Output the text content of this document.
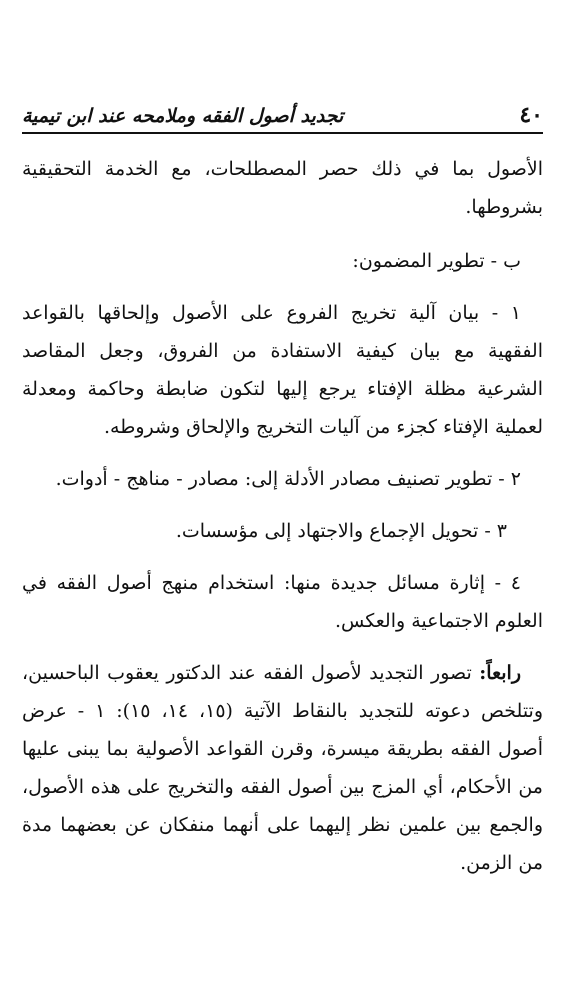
٤٠
تجديد أصول الفقه وملامحه عند ابن تيمية

الأصول بما في ذلك حصر المصطلحات، مع الخدمة التحقيقية بشروطها.

ب - تطوير المضمون:

١ - بيان آلية تخريج الفروع على الأصول وإلحاقها بالقواعد الفقهية مع بيان كيفية الاستفادة من الفروق، وجعل المقاصد الشرعية مظلة الإفتاء يرجع إليها لتكون ضابطة وحاكمة ومعدلة لعملية الإفتاء كجزء من آليات التخريج والإلحاق وشروطه.

٢ - تطوير تصنيف مصادر الأدلة إلى: مصادر - مناهج - أدوات.

٣ - تحويل الإجماع والاجتهاد إلى مؤسسات.

٤ - إثارة مسائل جديدة منها: استخدام منهج أصول الفقه في العلوم الاجتماعية والعكس.

رابعاً: تصور التجديد لأصول الفقه عند الدكتور يعقوب الباحسين، وتتلخص دعوته للتجديد بالنقاط الآتية (١٥، ١٤، ١٥): ١ - عرض أصول الفقه بطريقة ميسرة، وقرن القواعد الأصولية بما يبنى عليها من الأحكام، أي المزج بين أصول الفقه والتخريج على هذه الأصول، والجمع بين علمين نظر إليهما على أنهما منفكان عن بعضهما مدة من الزمن.
